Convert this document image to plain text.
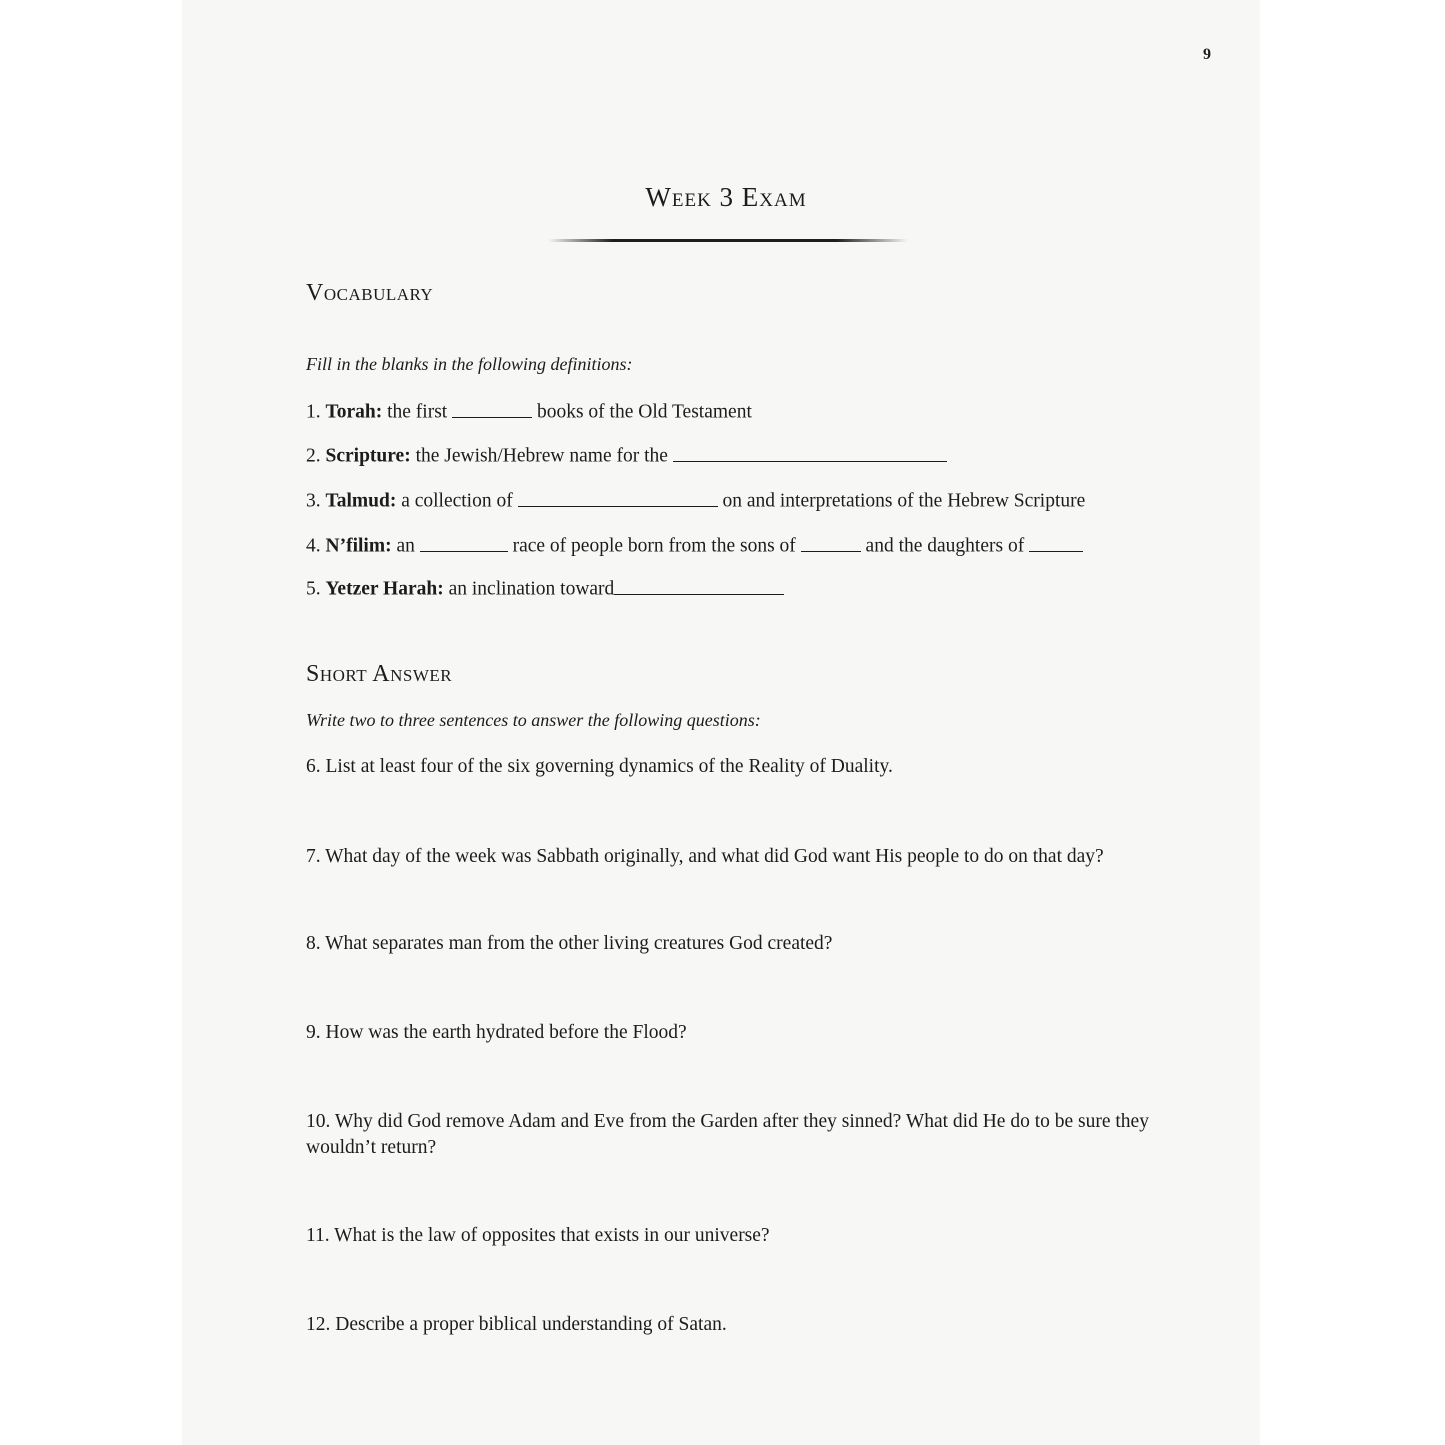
9
Week 3 Exam
Vocabulary
Fill in the blanks in the following definitions:
1. Torah: the first	books of the Old Testament
2. Scripture: the Jewish/Hebrew name for the
3. Talmud: a collection of	on and interpretations of the Hebrew Scripture
4. N’filim: an	race of people born from the sons of	and the daughters of
5. Yetzer Harah: an inclination toward
Short Answer
Write two to three sentences to answer the following questions:
6. List at least four of the six governing dynamics of the Reality of Duality.
7. What day of the week was Sabbath originally, and what did God want His people to do on that day?
8. What separates man from the other living creatures God created?
9. How was the earth hydrated before the Flood?
10. Why did God remove Adam and Eve from the Garden after they sinned? What did He do to be sure they wouldn’t return?
11. What is the law of opposites that exists in our universe?
12. Describe a proper biblical understanding of Satan.
